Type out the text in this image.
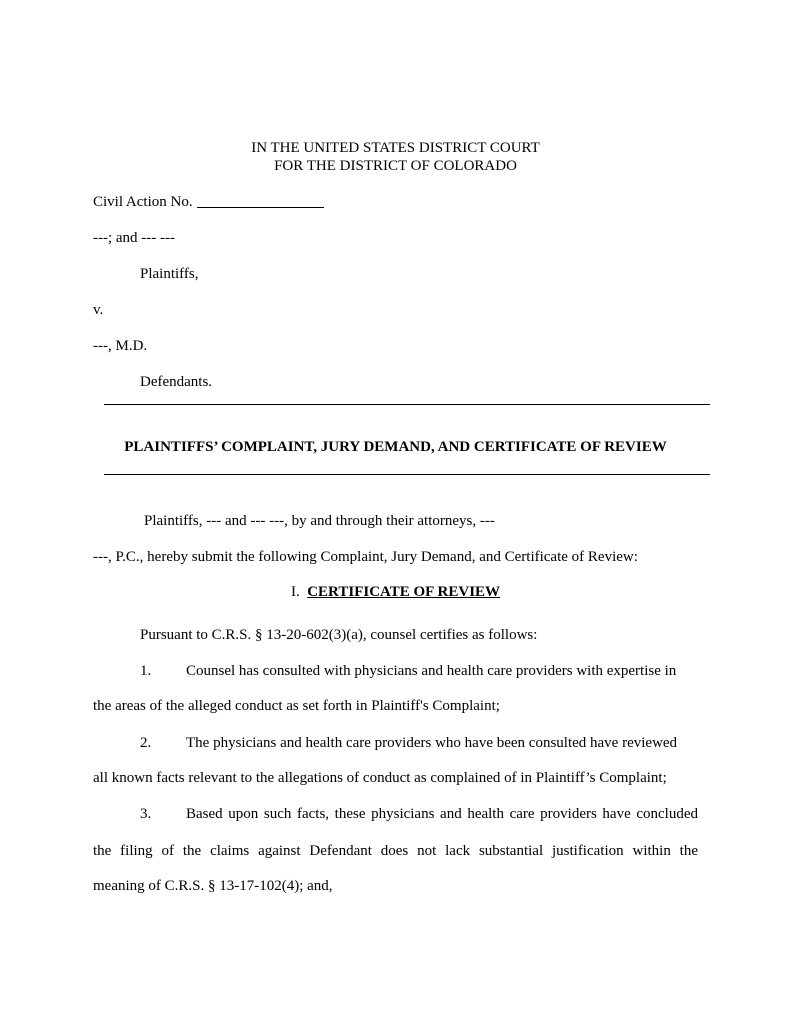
IN THE UNITED STATES DISTRICT COURT
FOR THE DISTRICT OF COLORADO
Civil Action No.
---; and --- ---
Plaintiffs,
v.
---, M.D.
Defendants.
PLAINTIFFS’ COMPLAINT, JURY DEMAND, AND CERTIFICATE OF REVIEW
Plaintiffs, --- and --- ---, by and through their attorneys, ---
---, P.C., hereby submit the following Complaint, Jury Demand, and Certificate of Review:
I. CERTIFICATE OF REVIEW
Pursuant to C.R.S. § 13-20-602(3)(a), counsel certifies as follows:
1. Counsel has consulted with physicians and health care providers with expertise in
the areas of the alleged conduct as set forth in Plaintiff's Complaint;
2. The physicians and health care providers who have been consulted have reviewed
all known facts relevant to the allegations of conduct as complained of in Plaintiff’s Complaint;
3. Based upon such facts, these physicians and health care providers have concluded
the filing of the claims against Defendant does not lack substantial justification within the
meaning of C.R.S. § 13-17-102(4); and,
